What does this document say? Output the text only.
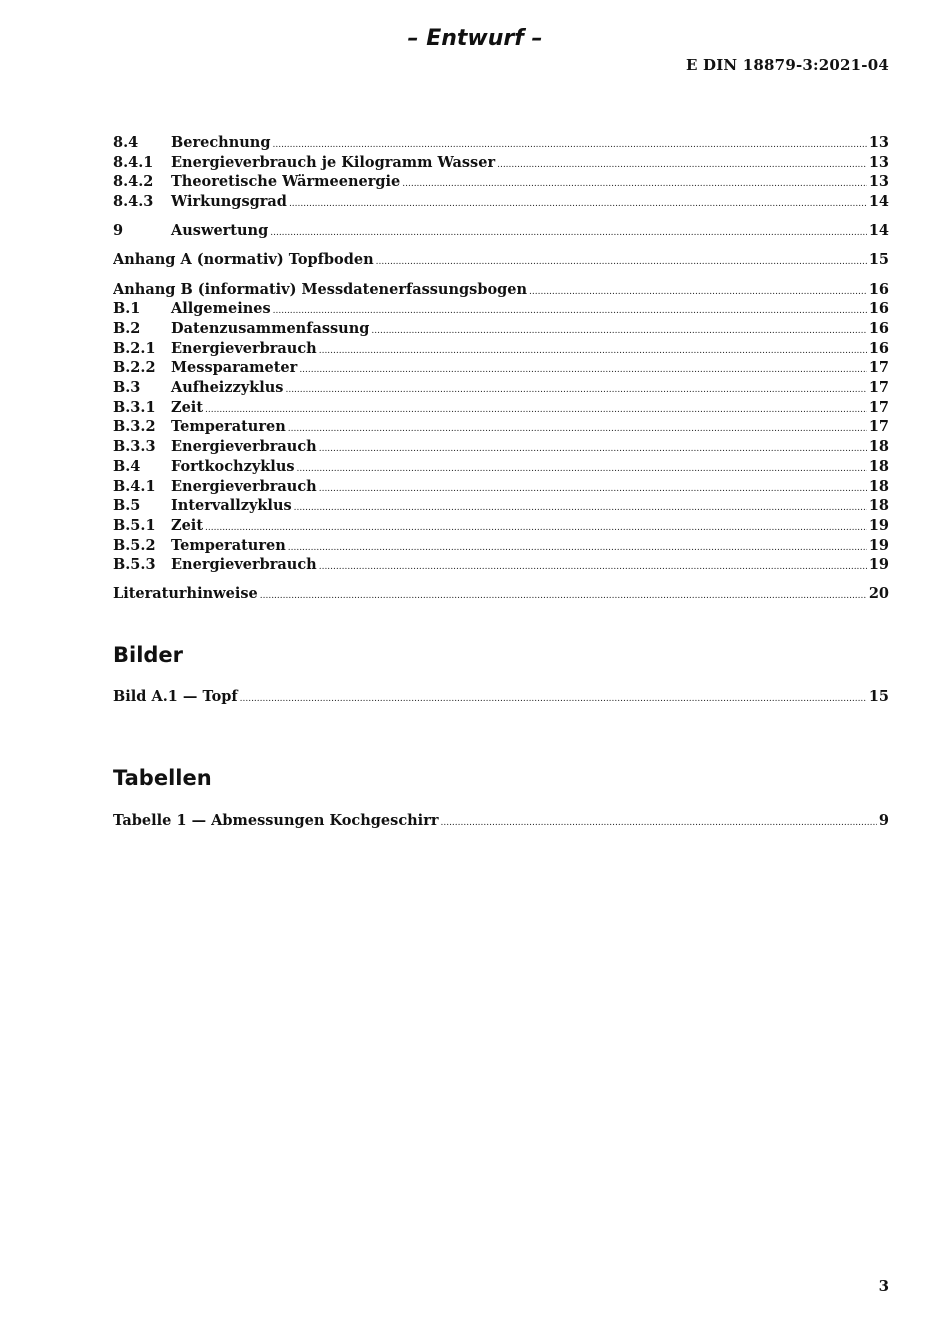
– Entwurf –
E DIN 18879-3:2021-04
8.4	Berechnung .....	13
8.4.1	Energieverbrauch je Kilogramm Wasser .....	13
8.4.2	Theoretische Wärmeenergie .....	13
8.4.3	Wirkungsgrad .....	14
9	Auswertung .....	14
Anhang A (normativ) Topfboden .....	15
Anhang B (informativ) Messdatenerfassungsbogen .....	16
B.1	Allgemeines .....	16
B.2	Datenzusammenfassung .....	16
B.2.1	Energieverbrauch .....	16
B.2.2	Messparameter .....	17
B.3	Aufheizzyklus .....	17
B.3.1	Zeit .....	17
B.3.2	Temperaturen .....	17
B.3.3	Energieverbrauch .....	18
B.4	Fortkochzyklus .....	18
B.4.1	Energieverbrauch .....	18
B.5	Intervallzyklus .....	18
B.5.1	Zeit .....	19
B.5.2	Temperaturen .....	19
B.5.3	Energieverbrauch .....	19
Literaturhinweise .....	20
Bilder
Bild A.1 — Topf .....	15
Tabellen
Tabelle 1 — Abmessungen Kochgeschirr .....	9
3
